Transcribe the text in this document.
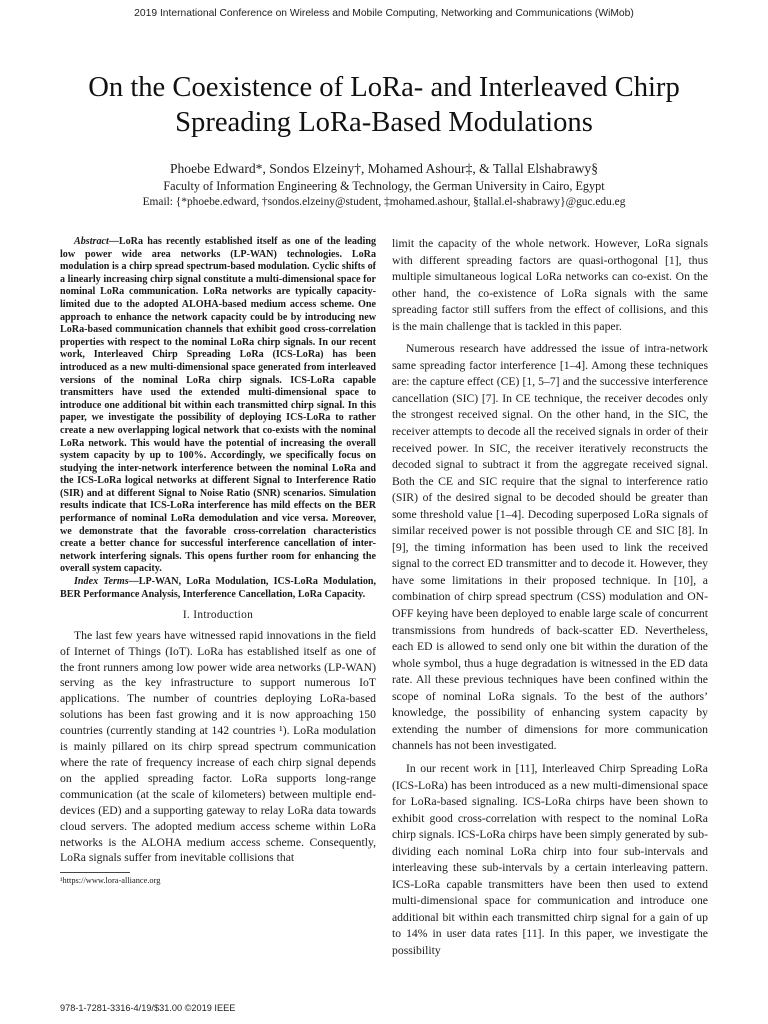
2019 International Conference on Wireless and Mobile Computing, Networking and Communications (WiMob)
On the Coexistence of LoRa- and Interleaved Chirp Spreading LoRa-Based Modulations
Phoebe Edward*, Sondos Elzeiny†, Mohamed Ashour‡, & Tallal Elshabrawy§
Faculty of Information Engineering & Technology, the German University in Cairo, Egypt
Email: {*phoebe.edward, †sondos.elzeiny@student, ‡mohamed.ashour, §tallal.el-shabrawy}@guc.edu.eg

Abstract—LoRa has recently established itself as one of the leading low power wide area networks (LP-WAN) technologies. LoRa modulation is a chirp spread spectrum-based modulation. Cyclic shifts of a linearly increasing chirp signal constitute a multi-dimensional space for nominal LoRa communication. LoRa networks are typically capacity-limited due to the adopted ALOHA-based medium access scheme. One approach to enhance the network capacity could be by introducing new LoRa-based communication channels that exhibit good cross-correlation properties with respect to the nominal LoRa chirp signals. In our recent work, Interleaved Chirp Spreading LoRa (ICS-LoRa) has been introduced as a new multi-dimensional space generated from interleaved versions of the nominal LoRa chirp signals. ICS-LoRa capable transmitters have used the extended multi-dimensional space to introduce one additional bit within each transmitted chirp signal. In this paper, we investigate the possibility of deploying ICS-LoRa to rather create a new overlapping logical network that co-exists with the nominal LoRa network. This would have the potential of increasing the overall system capacity by up to 100%. Accordingly, we specifically focus on studying the inter-network interference between the nominal LoRa and the ICS-LoRa logical networks at different Signal to Interference Ratio (SIR) and at different Signal to Noise Ratio (SNR) scenarios. Simulation results indicate that ICS-LoRa interference has mild effects on the BER performance of nominal LoRa demodulation and vice versa. Moreover, we demonstrate that the favorable cross-correlation characteristics create a better chance for successful interference cancellation of inter-network interfering signals. This opens further room for enhancing the overall system capacity.

Index Terms—LP-WAN, LoRa Modulation, ICS-LoRa Modulation, BER Performance Analysis, Interference Cancellation, LoRa Capacity.

I. Introduction

The last few years have witnessed rapid innovations in the field of Internet of Things (IoT). LoRa has established itself as one of the front runners among low power wide area networks (LP-WAN) serving as the key infrastructure to support numerous IoT applications. The number of countries deploying LoRa-based solutions has been fast growing and it is now approaching 150 countries (currently standing at 142 countries ¹). LoRa modulation is mainly pillared on its chirp spread spectrum communication where the rate of frequency increase of each chirp signal depends on the applied spreading factor. LoRa supports long-range communication (at the scale of kilometers) between multiple end-devices (ED) and a supporting gateway to relay LoRa data towards cloud servers. The adopted medium access scheme within LoRa networks is the ALOHA medium access scheme. Consequently, LoRa signals suffer from inevitable collisions that

¹https://www.lora-alliance.org

limit the capacity of the whole network. However, LoRa signals with different spreading factors are quasi-orthogonal [1], thus multiple simultaneous logical LoRa networks can co-exist. On the other hand, the co-existence of LoRa signals with the same spreading factor still suffers from the effect of collisions, and this is the main challenge that is tackled in this paper.

Numerous research have addressed the issue of intra-network same spreading factor interference [1–4]. Among these techniques are: the capture effect (CE) [1, 5–7] and the successive interference cancellation (SIC) [7]. In CE technique, the receiver decodes only the strongest received signal. On the other hand, in the SIC, the receiver attempts to decode all the received signals in order of their received power. In SIC, the receiver iteratively reconstructs the decoded signal to subtract it from the aggregate received signal. Both the CE and SIC require that the signal to interference ratio (SIR) of the desired signal to be decoded should be greater than some threshold value [1–4]. Decoding superposed LoRa signals of similar received power is not possible through CE and SIC [8]. In [9], the timing information has been used to link the received signal to the correct ED transmitter and to decode it. However, they have some limitations in their proposed technique. In [10], a combination of chirp spread spectrum (CSS) modulation and ON-OFF keying have been deployed to enable large scale of concurrent transmissions from hundreds of back-scatter ED. Nevertheless, each ED is allowed to send only one bit within the duration of the whole symbol, thus a huge degradation is witnessed in the ED data rate. All these previous techniques have been confined within the scope of nominal LoRa signals. To the best of the authors’ knowledge, the possibility of enhancing system capacity by extending the number of dimensions for more communication channels has not been investigated.

In our recent work in [11], Interleaved Chirp Spreading LoRa (ICS-LoRa) has been introduced as a new multi-dimensional space for LoRa-based signaling. ICS-LoRa chirps have been shown to exhibit good cross-correlation with respect to the nominal LoRa chirp signals. ICS-LoRa chirps have been simply generated by sub-dividing each nominal LoRa chirp into four sub-intervals and interleaving these sub-intervals by a certain interleaving pattern. ICS-LoRa capable transmitters have been then used to extend multi-dimensional space for communication and introduce one additional bit within each transmitted chirp signal for a gain of up to 14% in user data rates [11]. In this paper, we investigate the possibility

978-1-7281-3316-4/19/$31.00 ©2019 IEEE
